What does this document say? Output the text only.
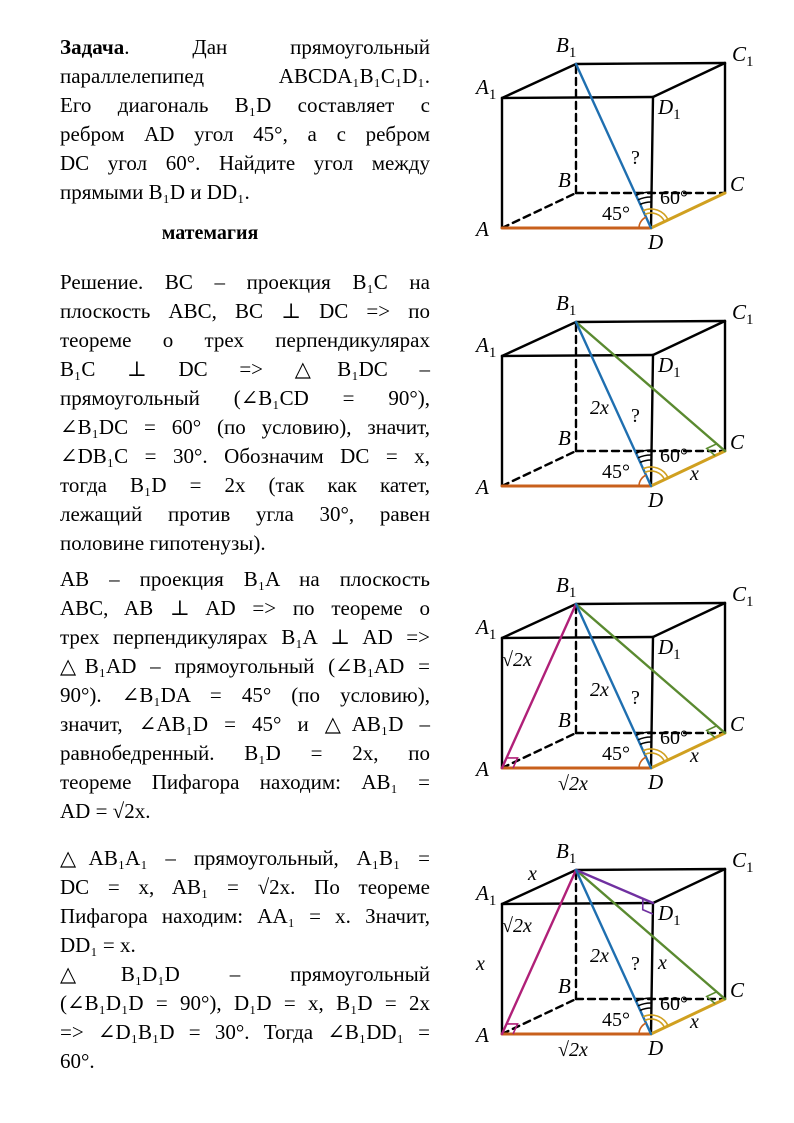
Задача. Дан прямоугольный
параллелепипед ABCDA₁B₁C₁D₁.
Его диагональ B₁D составляет с
ребром AD угол 45°, а с ребром
DC угол 60°. Найдите угол между
прямыми B₁D и DD₁.
матемагия
Решение. BC – проекция B₁C на
плоскость ABC, BC ⊥ DC => по
теореме о трех перпендикулярах
B₁C ⊥ DC => △B₁DC –
прямоугольный (∠B₁CD = 90°),
∠B₁DC = 60° (по условию), значит,
∠DB₁C = 30°. Обозначим DC = x,
тогда B₁D = 2x (так как катет,
лежащий против угла 30°, равен
половине гипотенузы).
AB – проекция B₁A на плоскость
ABC, AB ⊥ AD => по теореме о
трех перпендикулярах B₁A ⊥ AD =>
△B₁AD – прямоугольный (∠B₁AD =
90°). ∠B₁DA = 45° (по условию),
значит, ∠AB₁D = 45° и △AB₁D –
равнобедренный. B₁D = 2x, по
теореме Пифагора находим: AB₁ =
AD = √2x.
△AB₁A₁ – прямоугольный, A₁B₁ =
DC = x, AB₁ = √2x. По теореме
Пифагора находим: AA₁ = x. Значит,
DD₁ = x.
△B₁D₁D – прямоугольный
(∠B₁D₁D = 90°), D₁D = x, B₁D = 2x
=> ∠D₁B₁D = 30°. Тогда ∠B₁DD₁ =
60°.
45°
60°
?
$B_1$	$C_1$
$A_1$	$D_1$
B	C
A
D
45°
60°
?
$B_1$	$C_1$
$A_1$	$D_1$
B	C
A
D
2x
x
45°
60°
?
$B_1$	$C_1$
$A_1$	$D_1$
B	C
A
D
2x
x
√2x
√2x
45°
60°
?
$B_1$	$C_1$
$A_1$	$D_1$
B	C
A
D
2x
x
√2x
√2x
x
x	x
